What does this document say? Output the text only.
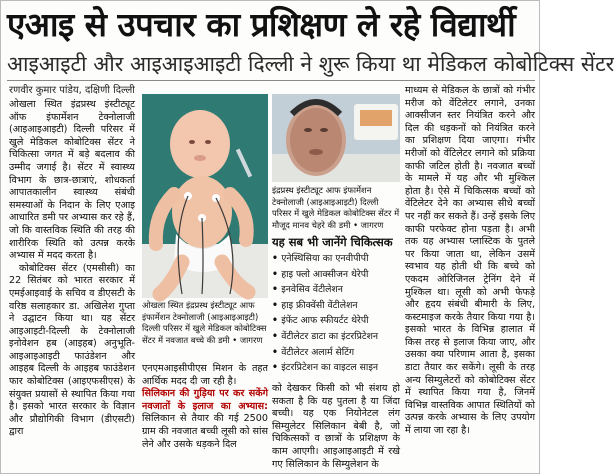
एआइ से उपचार का प्रशिक्षण ले रहे विद्यार्थी
आइआइटी और आइआइआइटी दिल्ली ने शुरू किया था मेडिकल कोबोटिक्स सेंटर
रणवीर कुमार पांडेय, दक्षिणी दिल्ली

ओखला स्थित इंद्रप्रस्थ इंस्टीट्यूट ऑफ इंफार्मेशन टेक्नोलाजी (आइआइआइटी) दिल्ली परिसर में खुले मेडिकल कोबोटिक्स सेंटर ने चिकित्सा जगत में बड़े बदलाव की उम्मीद जगाई है। सेंटर में स्वास्थ्य विभाग के छात्र-छात्राएं, शोधकर्ता आपातकालीन स्वास्थ्य संबंधी समस्याओं के निदान के लिए एआइ आधारित डमी पर अभ्यास कर रहे हैं, जो कि वास्तविक स्थिति की तरह की शारीरिक स्थिति को उत्पन्न करके अभ्यास में मदद करता है।

कोबोटिक्स सेंटर (एमसीसी) का 22 सितंबर को भारत सरकार में एमईआइवाई के सचिव व डीएसटी के वरिष्ठ सलाहकार डा. अखिलेश गुप्ता ने उद्घाटन किया था। यह सेंटर आइआइटी-दिल्ली के टेक्नोलाजी इनोवेशन हब (आइहब) अनुभूति-आइआइआइटी फाउंडेशन और आइहब दिल्ली के आइहब फाउंडेशन फार कोबोटिक्स (आइएफसीएस) के संयुक्त प्रयासों से स्थापित किया गया है। इसको भारत सरकार के विज्ञान और प्रौद्योगिकी विभाग (डीएसटी) द्वारा

ओखला स्थित इंद्रप्रस्थ इंस्टीट्यूट आफ इंफार्मेशन टेक्नोलाजी (आइआइआइटी) दिल्ली परिसर में खुले मेडिकल कोबोटिक्स सेंटर में नवजात बच्चे की डमी • जागरण

एनएमआइसीपीएस मिशन के तहत आर्थिक मदद दी जा रही है।

सिलिकान की गुड़िया पर कर सकेंगे नवजातों के इलाज का अभ्यास: सिलिकान से तैयार की गई 2500 ग्राम की नवजात बच्ची लूसी को सांस लेने और उसके धड़कने दिल

इंद्रप्रस्थ इंस्टीट्यूट आफ इंफार्मेशन टेक्नोलाजी (आइआइआइटी) दिल्ली परिसर में खुले मेडिकल कोबोटिक्स सेंटर में मौजूद मानव चेहरे की डमी • जागरण
यह सब भी जानेंगे चिकित्सक
• एनेस्थिसिया का एनवीपीपी
• हाइ फ्लो आक्सीजन थेरेपी
• इनवेसिव वेंटीलेशन
• हाइ फ्रीक्वेंसी वेंटीलेशन
• इंफेंट आफ स्फीयर्टट थेरेपी
• वेंटीलेटर डाटा का इंटरप्रिटेशन
• वेंटीलेटर अलार्म सेटिंग
• इंटरप्रिटेशन का वाइटल साइन

को देखकर किसी को भी संशय हो सकता है कि यह पुतला है या जिंदा बच्ची। यह एक नियोनेटल लंग सिम्युलेटर सिलिकान बेबी है, जो चिकित्सकों व छात्रों के प्रशिक्षण के काम आएगी। आइआइआइटी में रखे गए सिलिकान के सिम्युलेशन के

माध्यम से मेडिकल के छात्रों को गंभीर मरीज को वेंटिलेटर लगाने, उनका आक्सीजन स्तर नियंत्रित करने और दिल की धड़कनों को नियंत्रित करने का प्रशिक्षण दिया जाएगा। गंभीर मरीजों को वेंटिलेटर लगाने को प्रक्रिया काफी जटिल होती है। नवजात बच्चों के मामले में यह और भी मुश्किल होता है। ऐसे में चिकित्सक बच्चों को वेंटिलेटर देने का अभ्यास सीधे बच्चों पर नहीं कर सकते हैं। उन्हें इसके लिए काफी परफेक्ट होना पड़ता है। अभी तक यह अभ्यास प्लास्टिक के पुतले पर किया जाता था, लेकिन उसमें स्वभाव यह होती थी कि बच्चे को एकदम ओरिजिनल ट्रेनिंग देने में मुश्किल था। लूसी को अभी फेफड़े और हृदय संबंधी बीमारी के लिए, कस्टमाइज करके तैयार किया गया है। इसको भारत के विभिन्न हालात में किस तरह से इलाज किया जाए, और उसका क्या परिणाम आता है, इसका डाटा तैयार कर सकेंगे। लूसी के तरह अन्य सिम्युलेटरों को कोबोटिक्स सेंटर में स्थापित किया गया है, जिनमें विभिन्न वास्तविक आपात स्थितियों को उत्पन्न करके अभ्यास के लिए उपयोग में लाया जा रहा है।
